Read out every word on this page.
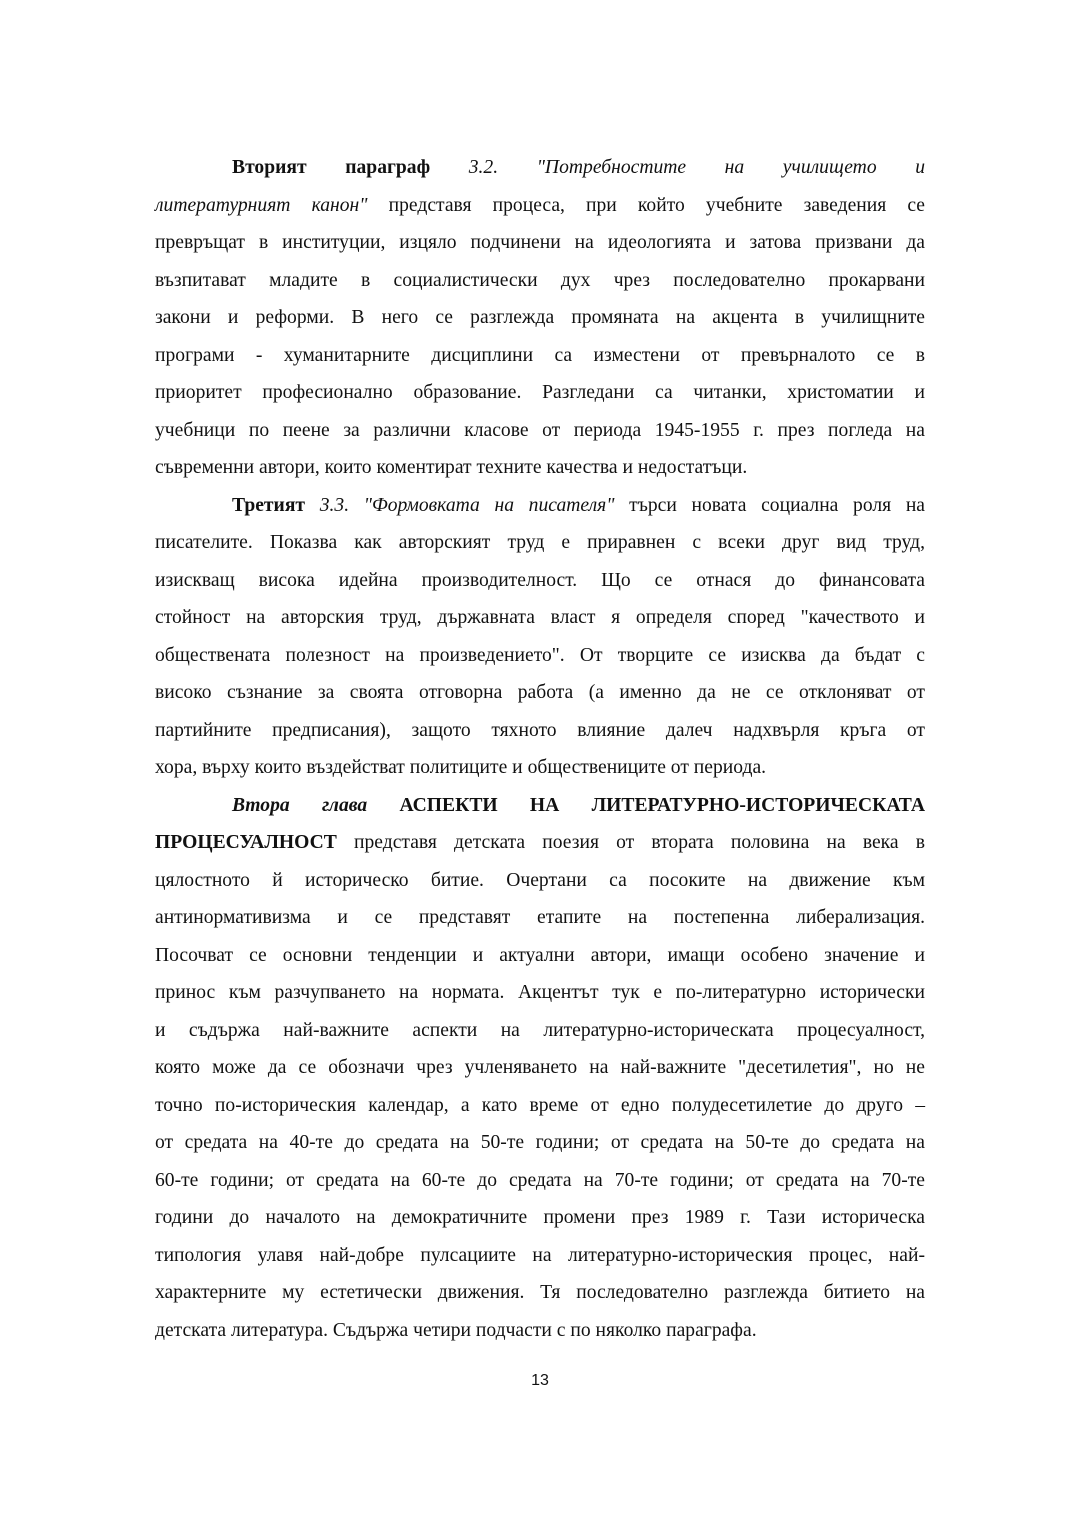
Вторият параграф 3.2. "Потребностите на училището и
литературният канон" представя процеса, при който учебните заведения се
превръщат в институции, изцяло подчинени на идеологията и затова призвани да
възпитават младите в социалистически дух чрез последователно прокарвани
закони и реформи. В него се разглежда промяната на акцента в училищните
програми - хуманитарните дисциплини са изместени от превърналото се в
приоритет професионално образование. Разгледани са читанки, христоматии и
учебници по пеене за различни класове от периода 1945-1955 г. през погледа на
съвременни автори, които коментират техните качества и недостатъци.
Третият 3.3. "Формовката на писателя" търси новата социална роля на
писателите. Показва как авторският труд е приравнен с всеки друг вид труд,
изискващ висока идейна производителност. Що се отнася до финансовата
стойност на авторския труд, държавната власт я определя според "качеството и
обществената полезност на произведението". От творците се изисква да бъдат с
високо съзнание за своята отговорна работа (а именно да не се отклоняват от
партийните предписания), защото тяхното влияние далеч надхвърля кръга от
хора, върху които въздействат политиците и обществениците от периода.
Втора глава АСПЕКТИ НА ЛИТЕРАТУРНО-ИСТОРИЧЕСКАТА
ПРОЦЕСУАЛНОСТ представя детската поезия от втората половина на века в
цялостното й историческо битие. Очертани са посоките на движение към
антинормативизма и се представят етапите на постепенна либерализация.
Посочват се основни тенденции и актуални автори, имащи особено значение и
принос към разчупването на нормата. Акцентът тук е по-литературно исторически
и съдържа най-важните аспекти на литературно-историческата процесуалност,
която може да се обозначи чрез учленяването на най-важните "десетилетия", но не
точно по-историческия календар, а като време от едно полудесетилетие до друго –
от средата на 40-те до средата на 50-те години; от средата на 50-те до средата на
60-те години; от средата на 60-те до средата на 70-те години; от средата на 70-те
години до началото на демократичните промени през 1989 г. Тази историческа
типология улавя най-добре пулсациите на литературно-историческия процес, най-
характерните му естетически движения. Тя последователно разглежда битието на
детската литература. Съдържа четири подчасти с по няколко параграфа.
13
